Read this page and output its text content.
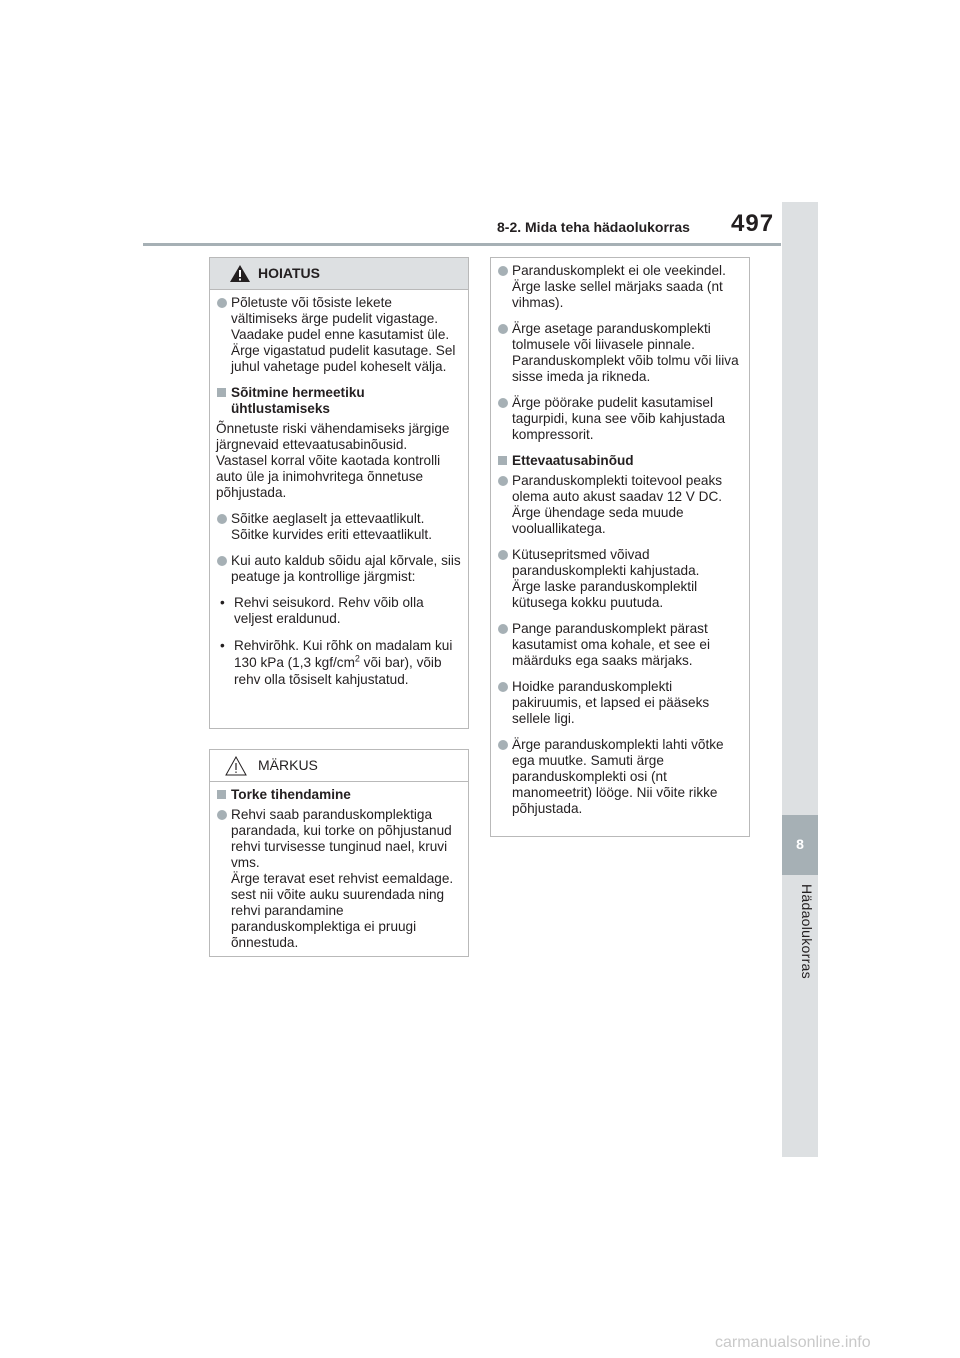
8-2. Mida teha hädaolukorras 497
8
Hädaolukorras
HOIATUS

Põletuste või tõsiste lekete vältimiseks ärge pudelit vigastage. Vaadake pudel enne kasutamist üle. Ärge vigastatud pudelit kasutage. Sel juhul vahetage pudel koheselt välja.

Sõitmine hermeetiku ühtlustamiseks

Õnnetuste riski vähendamiseks järgige järgnevaid ettevaatusabinõusid.

Vastasel korral võite kaotada kontrolli auto üle ja inimohvritega õnnetuse põhjustada.

Sõitke aeglaselt ja ettevaatlikult. Sõitke kurvides eriti ettevaatlikult.

Kui auto kaldub sõidu ajal kõrvale, siis peatuge ja kontrollige järgmist:

• Rehvi seisukord. Rehv võib olla veljest eraldunud.

• Rehvirõhk. Kui rõhk on madalam kui 130 kPa (1,3 kgf/$cm^2$ või bar), võib rehv olla tõsiselt kahjustatud.

MÄRKUS

Torke tihendamine

Rehvi saab paranduskomplektiga parandada, kui torke on põhjustanud rehvi turvisesse tunginud nael, kruvi vms.
Ärge teravat eset rehvist eemaldage. sest nii võite auku suurendada ning rehvi parandamine paranduskomplektiga ei pruugi õnnestuda.

Paranduskomplekt ei ole veekindel. Ärge laske sellel märjaks saada (nt vihmas).

Ärge asetage paranduskomplekti tolmusele või liivasele pinnale. Paranduskomplekt võib tolmu või liiva sisse imeda ja rikneda.

Ärge pöörake pudelit kasutamisel tagurpidi, kuna see võib kahjustada kompressorit.

Ettevaatusabinõud

Paranduskomplekti toitevool peaks olema auto akust saadav 12 V DC.
Ärge ühendage seda muude vooluallikatega.

Kütusepritsmed võivad paranduskomplekti kahjustada.
Ärge laske paranduskomplektil kütusega kokku puutuda.

Pange paranduskomplekt pärast kasutamist oma kohale, et see ei määrduks ega saaks märjaks.

Hoidke paranduskomplekti pakiruumis, et lapsed ei pääseks sellele ligi.

Ärge paranduskomplekti lahti võtke ega muutke. Samuti ärge paranduskomplekti osi (nt manomeetrit) lööge. Nii võite rikke põhjustada.

carmanualsonline.info
